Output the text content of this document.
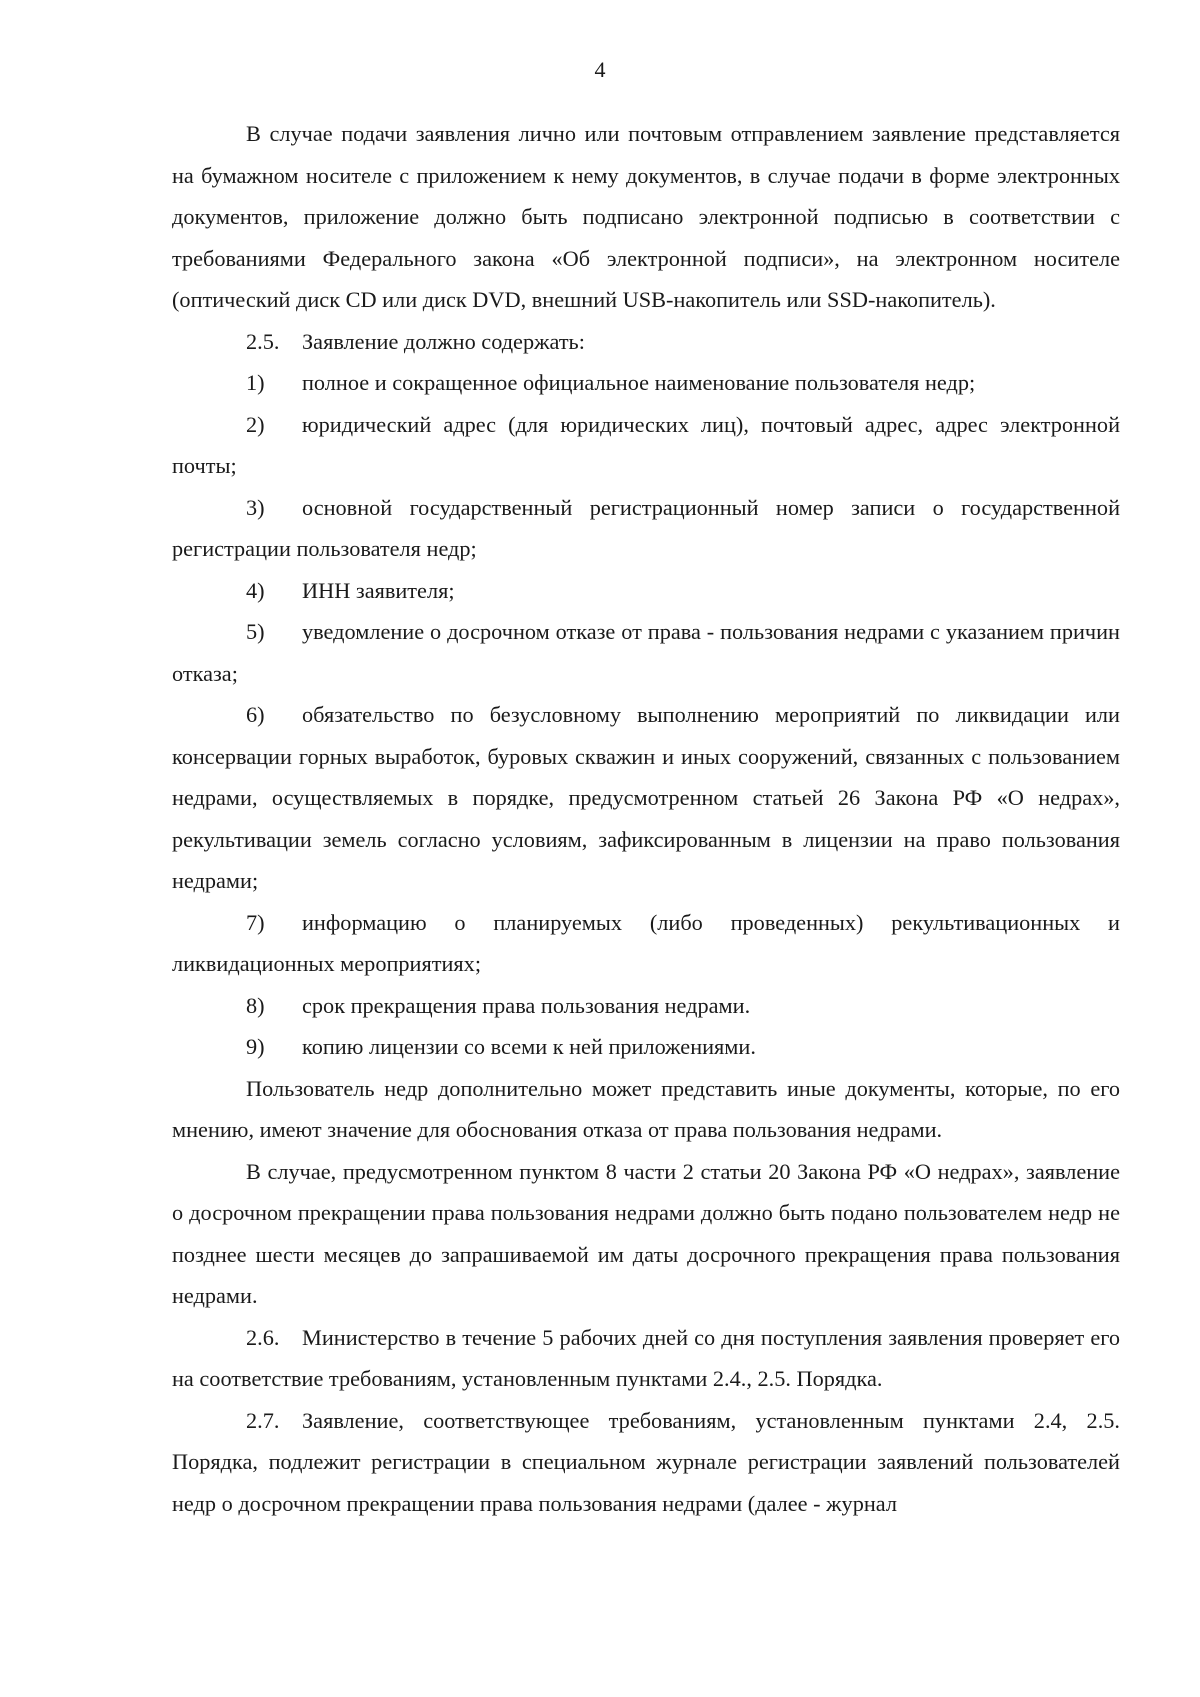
4

В случае подачи заявления лично или почтовым отправлением заявление представляется на бумажном носителе с приложением к нему документов, в случае подачи в форме электронных документов, приложение должно быть подписано электронной подписью в соответствии с требованиями Федерального закона «Об электронной подписи», на электронном носителе (оптический диск CD или диск DVD, внешний USB-накопитель или SSD-накопитель).

2.5. Заявление должно содержать:

1) полное и сокращенное официальное наименование пользователя недр;

2) юридический адрес (для юридических лиц), почтовый адрес, адрес электронной почты;

3) основной государственный регистрационный номер записи о государственной регистрации пользователя недр;

4) ИНН заявителя;

5) уведомление о досрочном отказе от права - пользования недрами с указанием причин отказа;

6) обязательство по безусловному выполнению мероприятий по ликвидации или консервации горных выработок, буровых скважин и иных сооружений, связанных с пользованием недрами, осуществляемых в порядке, предусмотренном статьей 26 Закона РФ «О недрах», рекультивации земель согласно условиям, зафиксированным в лицензии на право пользования недрами;

7) информацию о планируемых (либо проведенных) рекультивационных и ликвидационных мероприятиях;

8) срок прекращения права пользования недрами.

9) копию лицензии со всеми к ней приложениями.

Пользователь недр дополнительно может представить иные документы, которые, по его мнению, имеют значение для обоснования отказа от права пользования недрами.

В случае, предусмотренном пунктом 8 части 2 статьи 20 Закона РФ «О недрах», заявление о досрочном прекращении права пользования недрами должно быть подано пользователем недр не позднее шести месяцев до запрашиваемой им даты досрочного прекращения права пользования недрами.

2.6. Министерство в течение 5 рабочих дней со дня поступления заявления проверяет его на соответствие требованиям, установленным пунктами 2.4., 2.5. Порядка.

2.7. Заявление, соответствующее требованиям, установленным пунктами 2.4, 2.5. Порядка, подлежит регистрации в специальном журнале регистрации заявлений пользователей недр о досрочном прекращении права пользования недрами (далее - журнал
